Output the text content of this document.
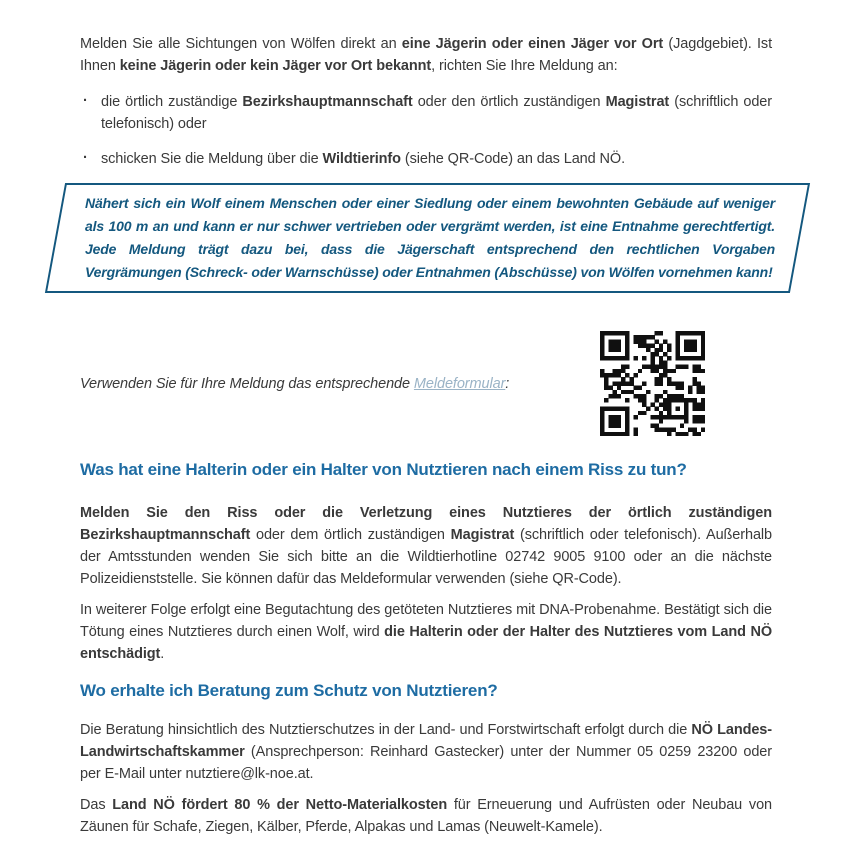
Melden Sie alle Sichtungen von Wölfen direkt an eine Jägerin oder einen Jäger vor Ort (Jagdgebiet). Ist Ihnen keine Jägerin oder kein Jäger vor Ort bekannt, richten Sie Ihre Meldung an:

· die örtlich zuständige Bezirkshauptmannschaft oder den örtlich zuständigen Magistrat (schriftlich oder telefonisch) oder
· schicken Sie die Meldung über die Wildtierinfo (siehe QR-Code) an das Land NÖ.
Nähert sich ein Wolf einem Menschen oder einer Siedlung oder einem bewohnten Gebäude auf weniger als 100 m an und kann er nur schwer vertrieben oder vergrämt werden, ist eine Entnahme gerechtfertigt. Jede Meldung trägt dazu bei, dass die Jägerschaft entsprechend den rechtlichen Vorgaben Vergrämungen (Schreck- oder Warnschüsse) oder Entnahmen (Abschüsse) von Wölfen vornehmen kann!

Verwenden Sie für Ihre Meldung das entsprechende Meldeformular:

Was hat eine Halterin oder ein Halter von Nutztieren nach einem Riss zu tun?

Melden Sie den Riss oder die Verletzung eines Nutztieres der örtlich zuständigen Bezirkshauptmannschaft oder dem örtlich zuständigen Magistrat (schriftlich oder telefonisch). Außerhalb der Amtsstunden wenden Sie sich bitte an die Wildtierhotline 02742 9005 9100 oder an die nächste Polizeidienststelle. Sie können dafür das Meldeformular verwenden (siehe QR-Code).

In weiterer Folge erfolgt eine Begutachtung des getöteten Nutztieres mit DNA-Probenahme. Bestätigt sich die Tötung eines Nutztieres durch einen Wolf, wird die Halterin oder der Halter des Nutztieres vom Land NÖ entschädigt.

Wo erhalte ich Beratung zum Schutz von Nutztieren?

Die Beratung hinsichtlich des Nutztierschutzes in der Land- und Forstwirtschaft erfolgt durch die NÖ Landes-Landwirtschaftskammer (Ansprechperson: Reinhard Gastecker) unter der Nummer 05 0259 23200 oder per E-Mail unter nutztiere@lk-noe.at.

Das Land NÖ fördert 80 % der Netto-Materialkosten für Erneuerung und Aufrüsten oder Neubau von Zäunen für Schafe, Ziegen, Kälber, Pferde, Alpakas und Lamas (Neuwelt-Kamele).
